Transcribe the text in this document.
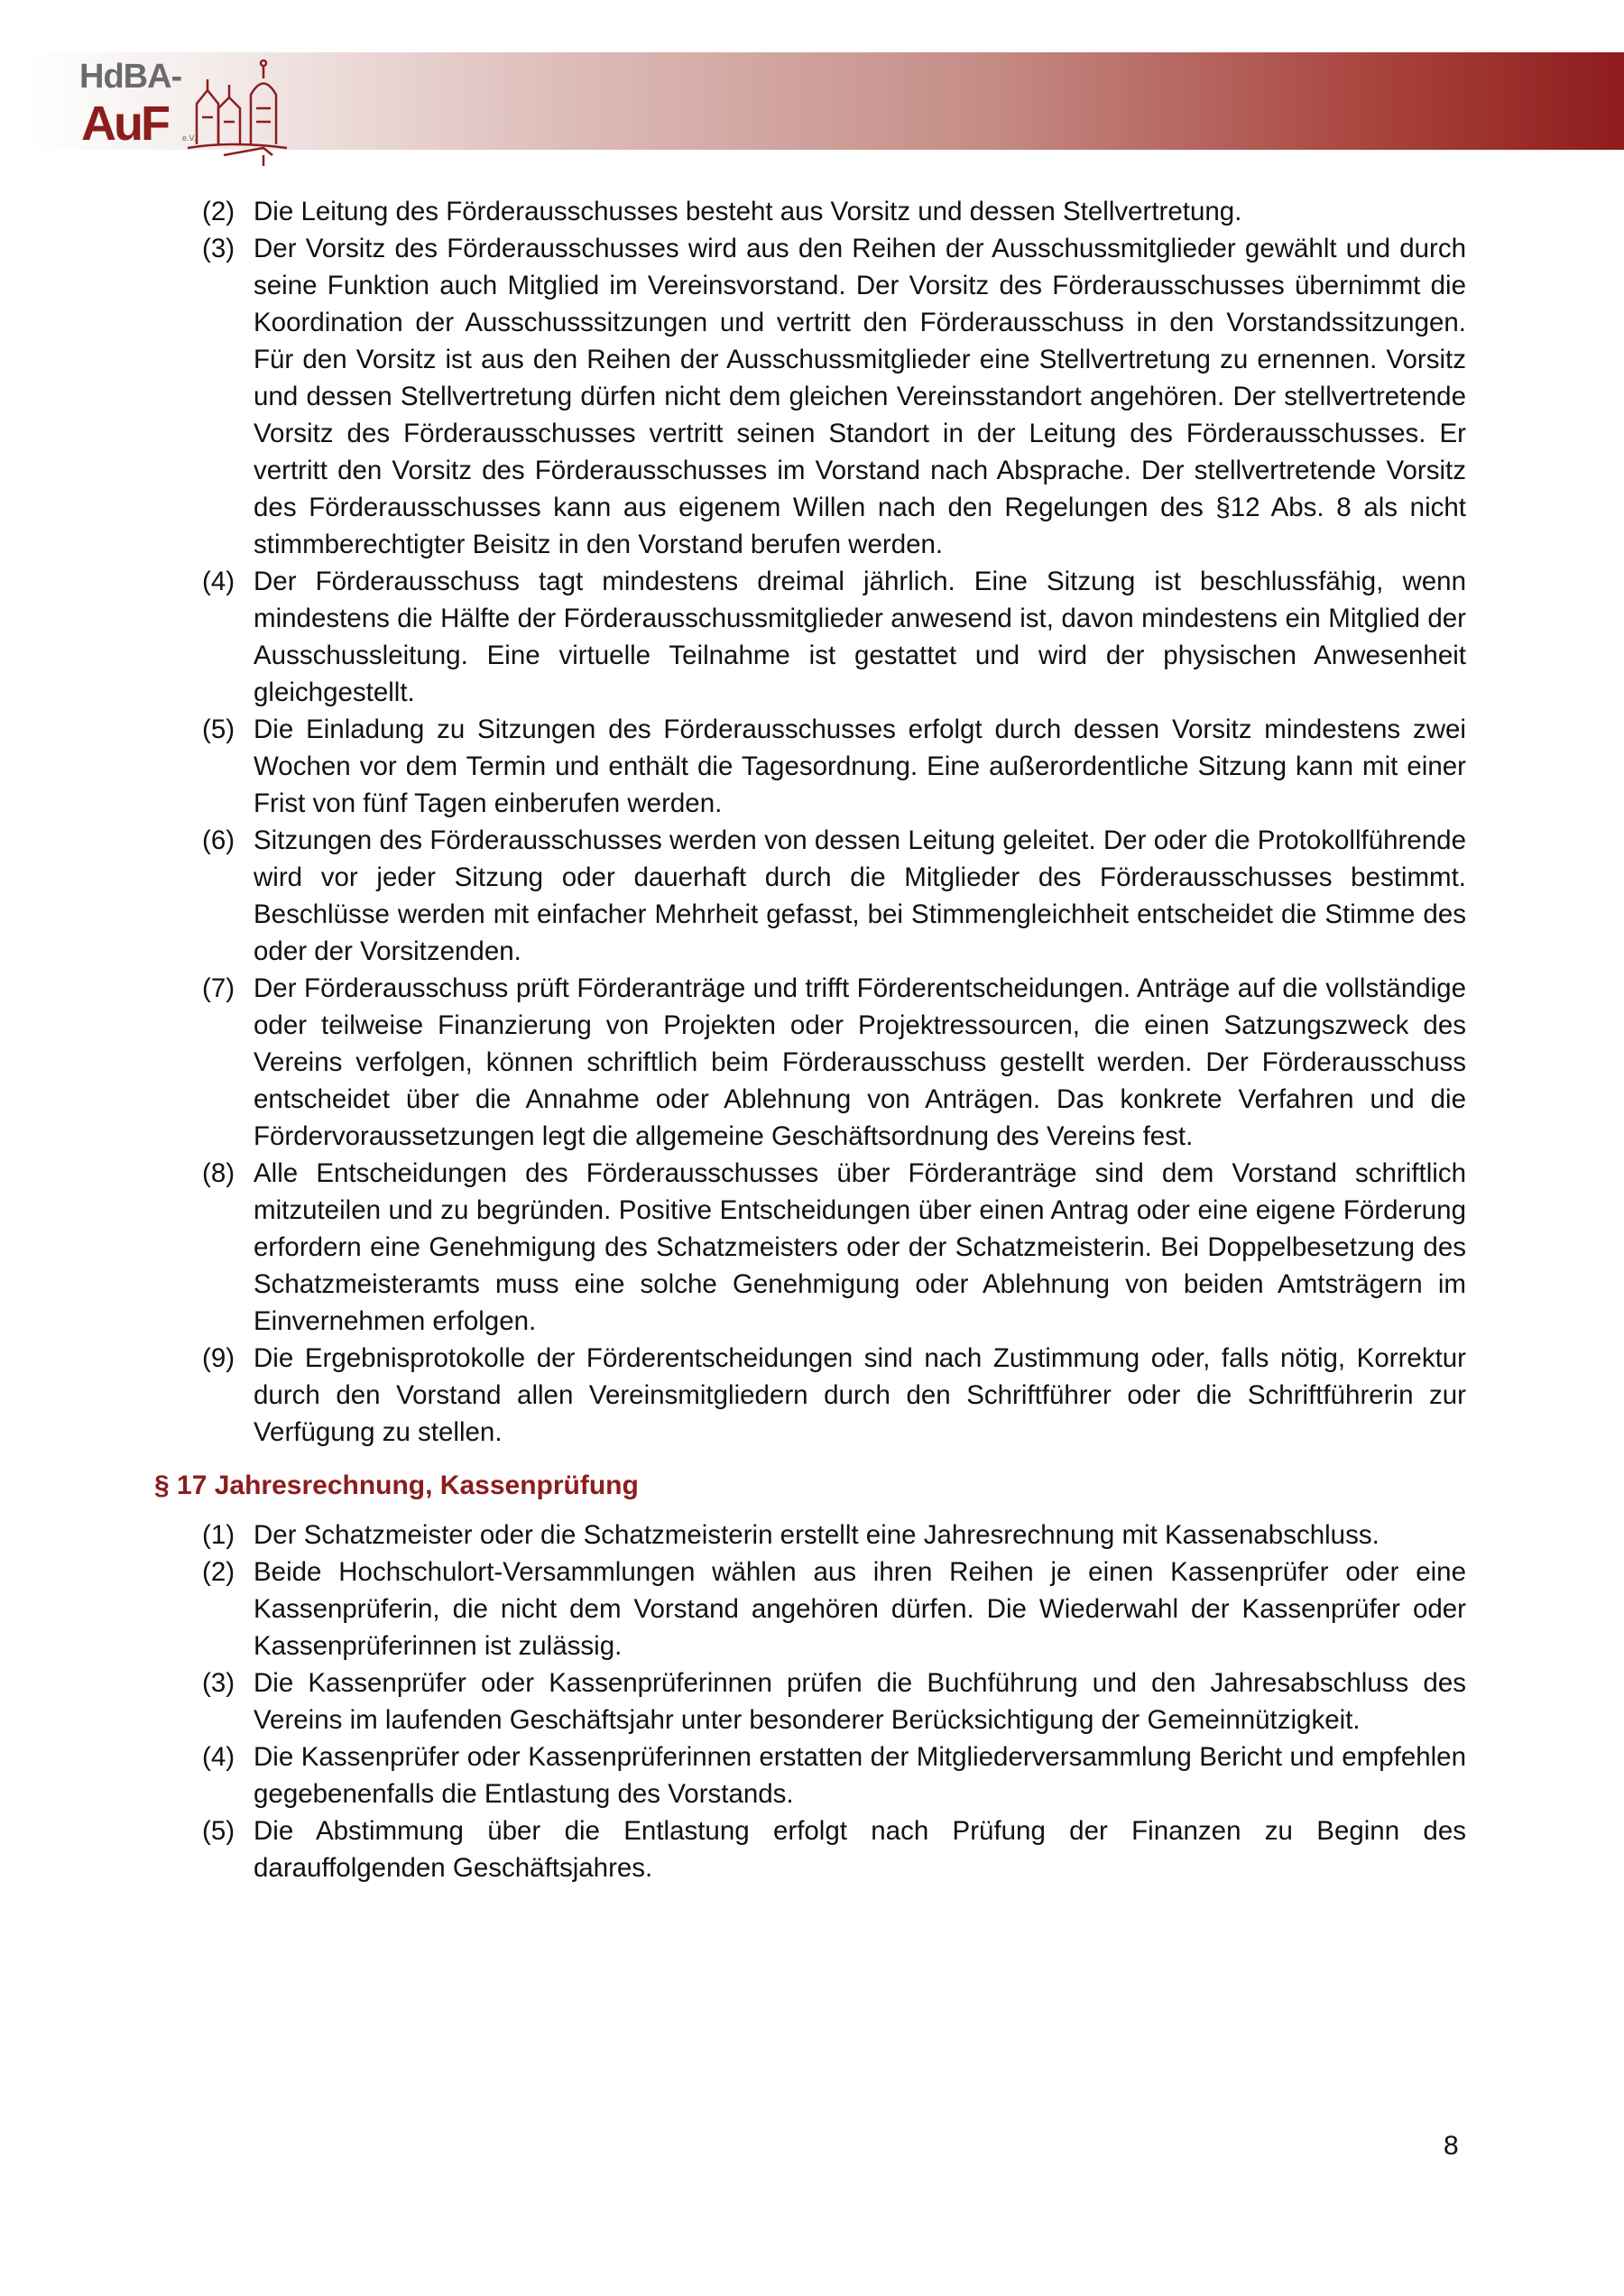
HdBA-
AuF e.V.
(2) Die Leitung des Förderausschusses besteht aus Vorsitz und dessen Stellvertretung.
(3) Der Vorsitz des Förderausschusses wird aus den Reihen der Ausschussmitglieder gewählt und durch seine Funktion auch Mitglied im Vereinsvorstand. Der Vorsitz des Förderausschusses übernimmt die Koordination der Ausschusssitzungen und vertritt den Förderausschuss in den Vorstandssitzungen. Für den Vorsitz ist aus den Reihen der Ausschussmitglieder eine Stellvertretung zu ernennen. Vorsitz und dessen Stellvertretung dürfen nicht dem gleichen Vereinsstandort angehören. Der stellvertretende Vorsitz des Förderausschusses vertritt seinen Standort in der Leitung des Förderausschusses. Er vertritt den Vorsitz des Förderausschusses im Vorstand nach Absprache. Der stellvertretende Vorsitz des Förderausschusses kann aus eigenem Willen nach den Regelungen des §12 Abs. 8 als nicht stimmberechtigter Beisitz in den Vorstand berufen werden.
(4) Der Förderausschuss tagt mindestens dreimal jährlich. Eine Sitzung ist beschlussfähig, wenn mindestens die Hälfte der Förderausschussmitglieder anwesend ist, davon mindestens ein Mitglied der Ausschussleitung. Eine virtuelle Teilnahme ist gestattet und wird der physischen Anwesenheit gleichgestellt.
(5) Die Einladung zu Sitzungen des Förderausschusses erfolgt durch dessen Vorsitz mindestens zwei Wochen vor dem Termin und enthält die Tagesordnung. Eine außerordentliche Sitzung kann mit einer Frist von fünf Tagen einberufen werden.
(6) Sitzungen des Förderausschusses werden von dessen Leitung geleitet. Der oder die Protokollführende wird vor jeder Sitzung oder dauerhaft durch die Mitglieder des Förderausschusses bestimmt. Beschlüsse werden mit einfacher Mehrheit gefasst, bei Stimmengleichheit entscheidet die Stimme des oder der Vorsitzenden.
(7) Der Förderausschuss prüft Förderanträge und trifft Förderentscheidungen. Anträge auf die vollständige oder teilweise Finanzierung von Projekten oder Projektressourcen, die einen Satzungszweck des Vereins verfolgen, können schriftlich beim Förderausschuss gestellt werden. Der Förderausschuss entscheidet über die Annahme oder Ablehnung von Anträgen. Das konkrete Verfahren und die Fördervoraussetzungen legt die allgemeine Geschäftsordnung des Vereins fest.
(8) Alle Entscheidungen des Förderausschusses über Förderanträge sind dem Vorstand schriftlich mitzuteilen und zu begründen. Positive Entscheidungen über einen Antrag oder eine eigene Förderung erfordern eine Genehmigung des Schatzmeisters oder der Schatzmeisterin. Bei Doppelbesetzung des Schatzmeisteramts muss eine solche Genehmigung oder Ablehnung von beiden Amtsträgern im Einvernehmen erfolgen.
(9) Die Ergebnisprotokolle der Förderentscheidungen sind nach Zustimmung oder, falls nötig, Korrektur durch den Vorstand allen Vereinsmitgliedern durch den Schriftführer oder die Schriftführerin zur Verfügung zu stellen.
§ 17 Jahresrechnung, Kassenprüfung
(1) Der Schatzmeister oder die Schatzmeisterin erstellt eine Jahresrechnung mit Kassenabschluss.
(2) Beide Hochschulort-Versammlungen wählen aus ihren Reihen je einen Kassenprüfer oder eine Kassenprüferin, die nicht dem Vorstand angehören dürfen. Die Wiederwahl der Kassenprüfer oder Kassenprüferinnen ist zulässig.
(3) Die Kassenprüfer oder Kassenprüferinnen prüfen die Buchführung und den Jahresabschluss des Vereins im laufenden Geschäftsjahr unter besonderer Berücksichtigung der Gemeinnützigkeit.
(4) Die Kassenprüfer oder Kassenprüferinnen erstatten der Mitgliederversammlung Bericht und empfehlen gegebenenfalls die Entlastung des Vorstands.
(5) Die Abstimmung über die Entlastung erfolgt nach Prüfung der Finanzen zu Beginn des darauffolgenden Geschäftsjahres.
8
